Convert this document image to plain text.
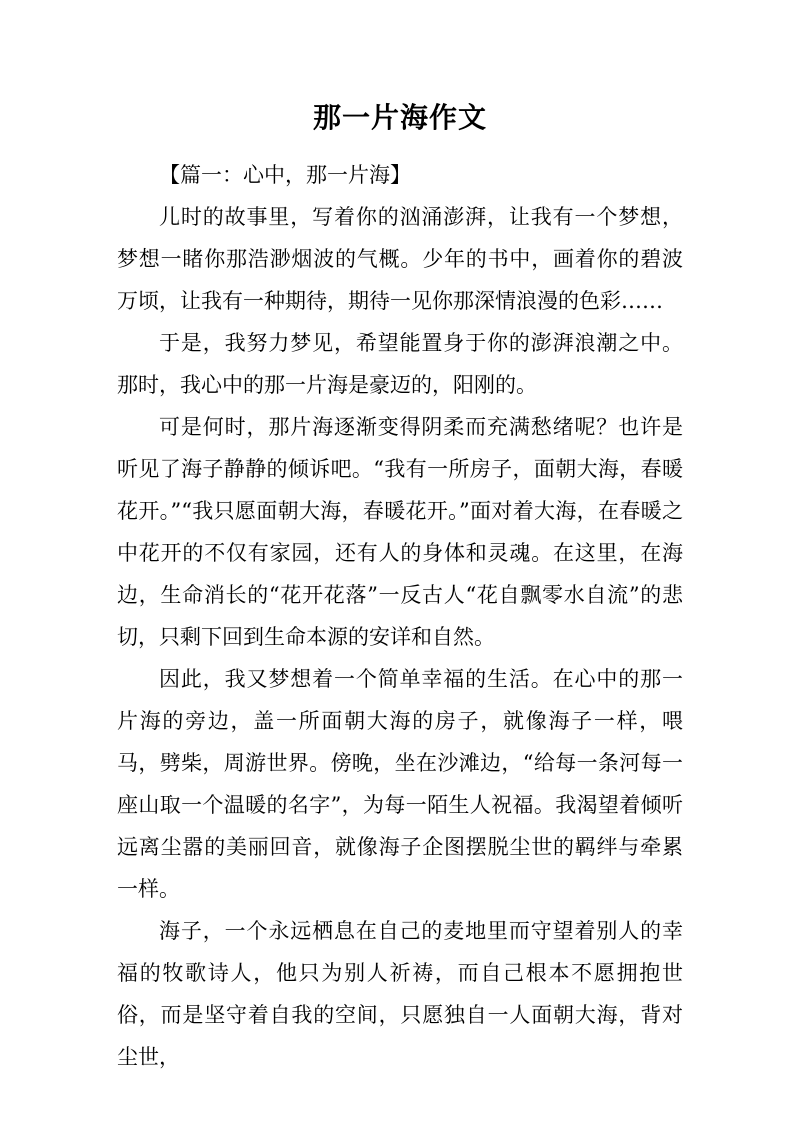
那一片海作文

【篇一：心中，那一片海】

儿时的故事里，写着你的汹涌澎湃，让我有一个梦想，梦想一睹你那浩渺烟波的气概。少年的书中，画着你的碧波万顷，让我有一种期待，期待一见你那深情浪漫的色彩……

于是，我努力梦见，希望能置身于你的澎湃浪潮之中。那时，我心中的那一片海是豪迈的，阳刚的。

可是何时，那片海逐渐变得阴柔而充满愁绪呢？也许是听见了海子静静的倾诉吧。“我有一所房子，面朝大海，春暖花开。”“我只愿面朝大海，春暖花开。”面对着大海，在春暖之中花开的不仅有家园，还有人的身体和灵魂。在这里，在海边，生命消长的“花开花落”一反古人“花自飘零水自流”的悲切，只剩下回到生命本源的安详和自然。

因此，我又梦想着一个简单幸福的生活。在心中的那一片海的旁边，盖一所面朝大海的房子，就像海子一样，喂马，劈柴，周游世界。傍晚，坐在沙滩边，“给每一条河每一座山取一个温暖的名字”，为每一陌生人祝福。我渴望着倾听远离尘嚣的美丽回音，就像海子企图摆脱尘世的羁绊与牵累一样。

海子，一个永远栖息在自己的麦地里而守望着别人的幸福的牧歌诗人，他只为别人祈祷，而自己根本不愿拥抱世俗，而是坚守着自我的空间，只愿独自一人面朝大海，背对尘世，
